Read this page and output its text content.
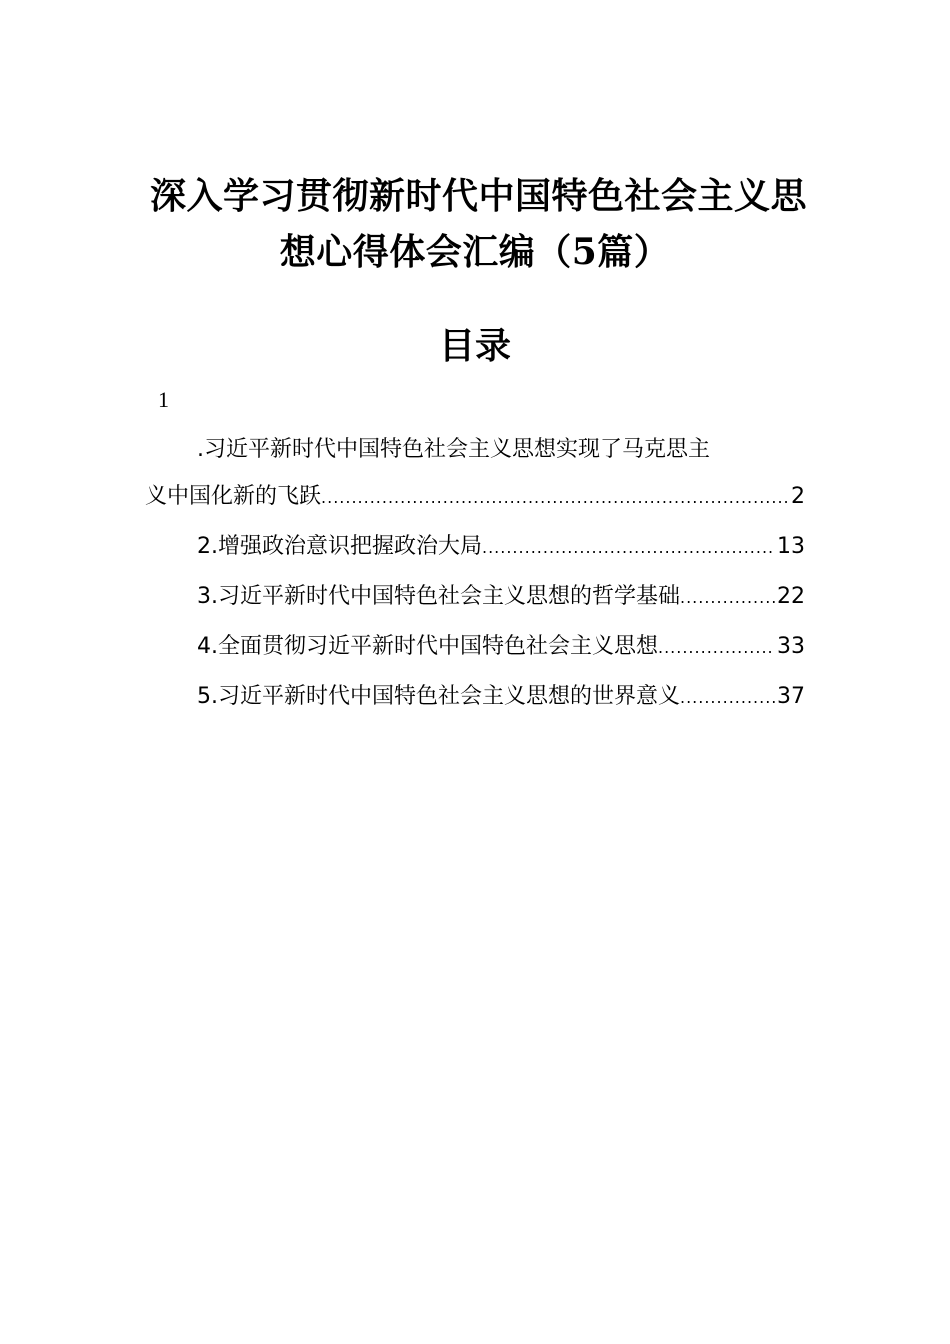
深入学习贯彻新时代中国特色社会主义思
想心得体会汇编（5篇）
目录
1
.习近平新时代中国特色社会主义思想实现了马克思主
义中国化新的飞跃 .....	2
2.增强政治意识把握政治大局 .....	13
3.习近平新时代中国特色社会主义思想的哲学基础 .....	22
4.全面贯彻习近平新时代中国特色社会主义思想 .....	33
5.习近平新时代中国特色社会主义思想的世界意义 .....	37
